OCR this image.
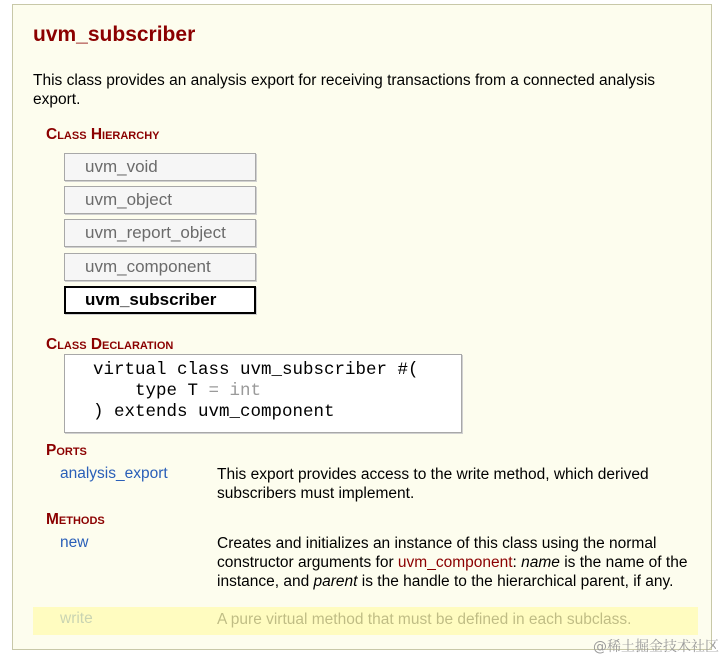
uvm_subscriber
This class provides an analysis export for receiving transactions from a connected analysis export.
Class Hierarchy
uvm_void
uvm_object
uvm_report_object
uvm_component
uvm_subscriber
Class Declaration
virtual class uvm_subscriber #(
type T = int
) extends uvm_component
Ports
analysis_export	This export provides access to the write method, which derived subscribers must implement.
Methods
new	Creates and initializes an instance of this class using the normal constructor arguments for uvm_component: name is the name of the instance, and parent is the handle to the hierarchical parent, if any.
@稀土掘金技术社区
